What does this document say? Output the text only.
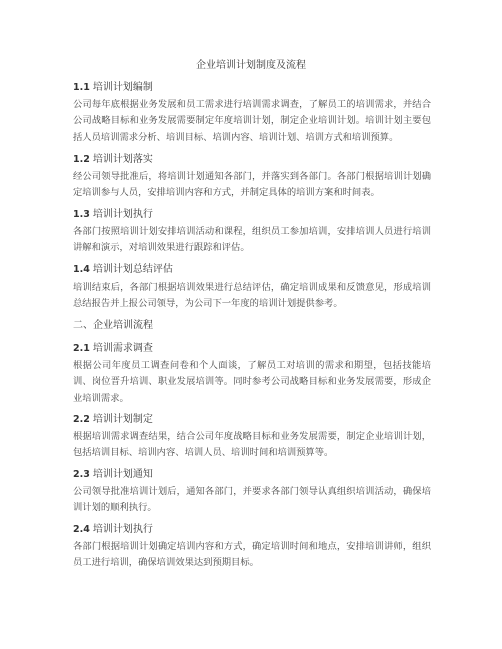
企业培训计划制度及流程
1.1 培训计划编制
公司每年底根据业务发展和员工需求进行培训需求调查，了解员工的培训需求，并结合公司战略目标和业务发展需要制定年度培训计划，制定企业培训计划。培训计划主要包括人员培训需求分析、培训目标、培训内容、培训计划、培训方式和培训预算。
1.2 培训计划落实
经公司领导批准后，将培训计划通知各部门，并落实到各部门。各部门根据培训计划确定培训参与人员，安排培训内容和方式，并制定具体的培训方案和时间表。
1.3 培训计划执行
各部门按照培训计划安排培训活动和课程，组织员工参加培训，安排培训人员进行培训讲解和演示，对培训效果进行跟踪和评估。
1.4 培训计划总结评估
培训结束后，各部门根据培训效果进行总结评估，确定培训成果和反馈意见，形成培训总结报告并上报公司领导，为公司下一年度的培训计划提供参考。
二、企业培训流程
2.1 培训需求调查
根据公司年度员工调查问卷和个人面谈，了解员工对培训的需求和期望，包括技能培训、岗位晋升培训、职业发展培训等。同时参考公司战略目标和业务发展需要，形成企业培训需求。
2.2 培训计划制定
根据培训需求调查结果，结合公司年度战略目标和业务发展需要，制定企业培训计划，包括培训目标、培训内容、培训人员、培训时间和培训预算等。
2.3 培训计划通知
公司领导批准培训计划后，通知各部门，并要求各部门领导认真组织培训活动，确保培训计划的顺利执行。
2.4 培训计划执行
各部门根据培训计划确定培训内容和方式，确定培训时间和地点，安排培训讲师，组织员工进行培训，确保培训效果达到预期目标。
